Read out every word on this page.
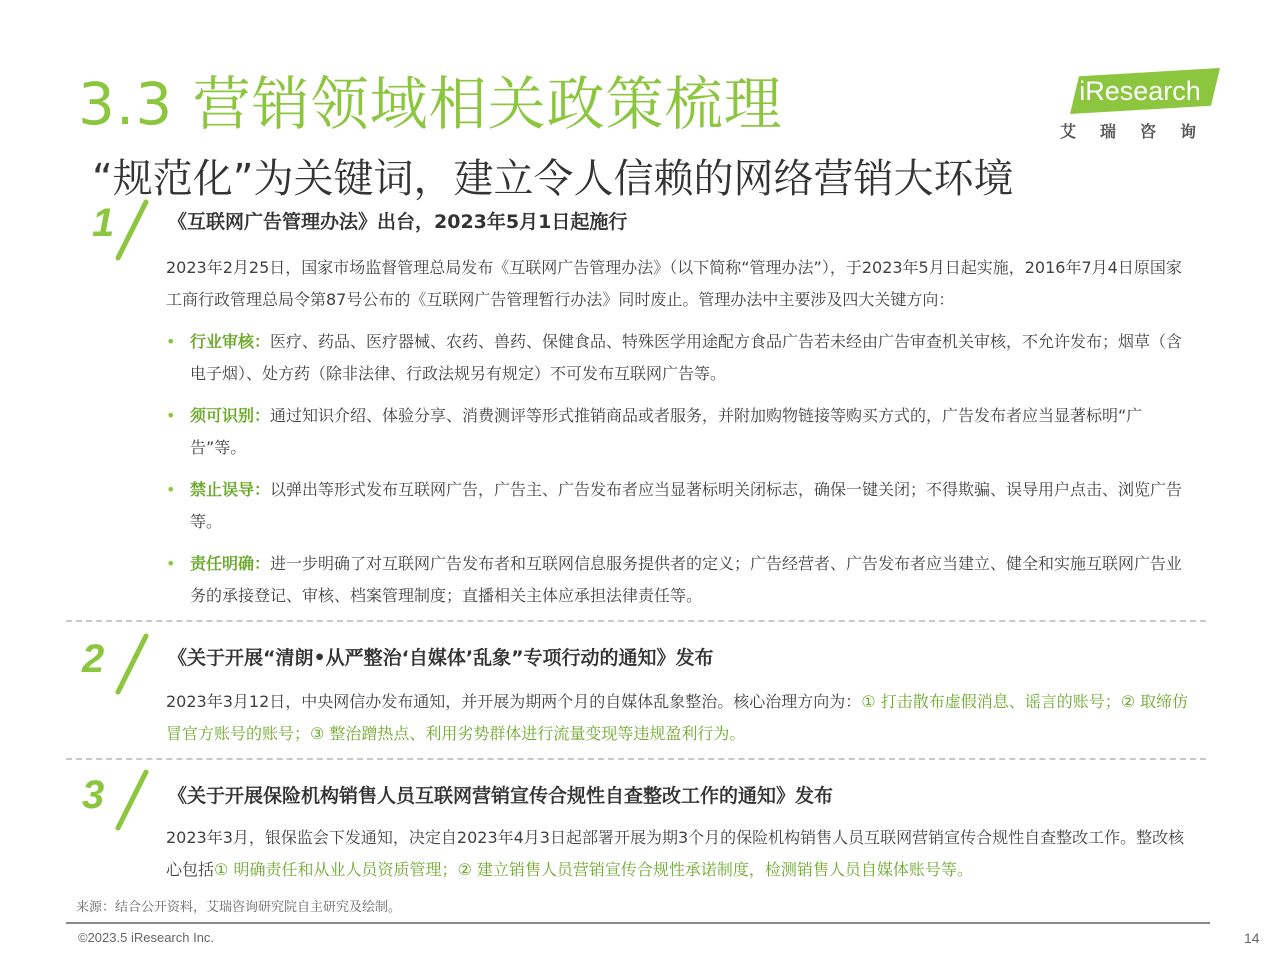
3.3 营销领域相关政策梳理
“规范化”为关键词，建立令人信赖的网络营销大环境
iResearch
艾瑞咨询
1	《互联网广告管理办法》出台，2023年5月1日起施行
2023年2月25日，国家市场监督管理总局发布《互联网广告管理办法》（以下简称“管理办法”），于2023年5月日起实施，2016年7月4日原国家工商行政管理总局令第87号公布的《互联网广告管理暂行办法》同时废止。管理办法中主要涉及四大关键方向：
• 行业审核：医疗、药品、医疗器械、农药、兽药、保健食品、特殊医学用途配方食品广告若未经由广告审查机关审核，不允许发布；烟草（含电子烟）、处方药（除非法律、行政法规另有规定）不可发布互联网广告等。
• 须可识别：通过知识介绍、体验分享、消费测评等形式推销商品或者服务，并附加购物链接等购买方式的，广告发布者应当显著标明“广告”等。
• 禁止误导：以弹出等形式发布互联网广告，广告主、广告发布者应当显著标明关闭标志，确保一键关闭；不得欺骗、误导用户点击、浏览广告等。
• 责任明确：进一步明确了对互联网广告发布者和互联网信息服务提供者的定义；广告经营者、广告发布者应当建立、健全和实施互联网广告业务的承接登记、审核、档案管理制度；直播相关主体应承担法律责任等。
2	《关于开展“清朗•从严整治‘自媒体’乱象”专项行动的通知》发布
2023年3月12日，中央网信办发布通知，并开展为期两个月的自媒体乱象整治。核心治理方向为：① 打击散布虚假消息、谣言的账号；② 取缔仿冒官方账号的账号；③ 整治蹭热点、利用劣势群体进行流量变现等违规盈利行为。
3	《关于开展保险机构销售人员互联网营销宣传合规性自查整改工作的通知》发布
2023年3月，银保监会下发通知，决定自2023年4月3日起部署开展为期3个月的保险机构销售人员互联网营销宣传合规性自查整改工作。整改核心包括① 明确责任和从业人员资质管理；② 建立销售人员营销宣传合规性承诺制度，检测销售人员自媒体账号等。
来源：结合公开资料，艾瑞咨询研究院自主研究及绘制。
©2023.5 iResearch Inc.	14
